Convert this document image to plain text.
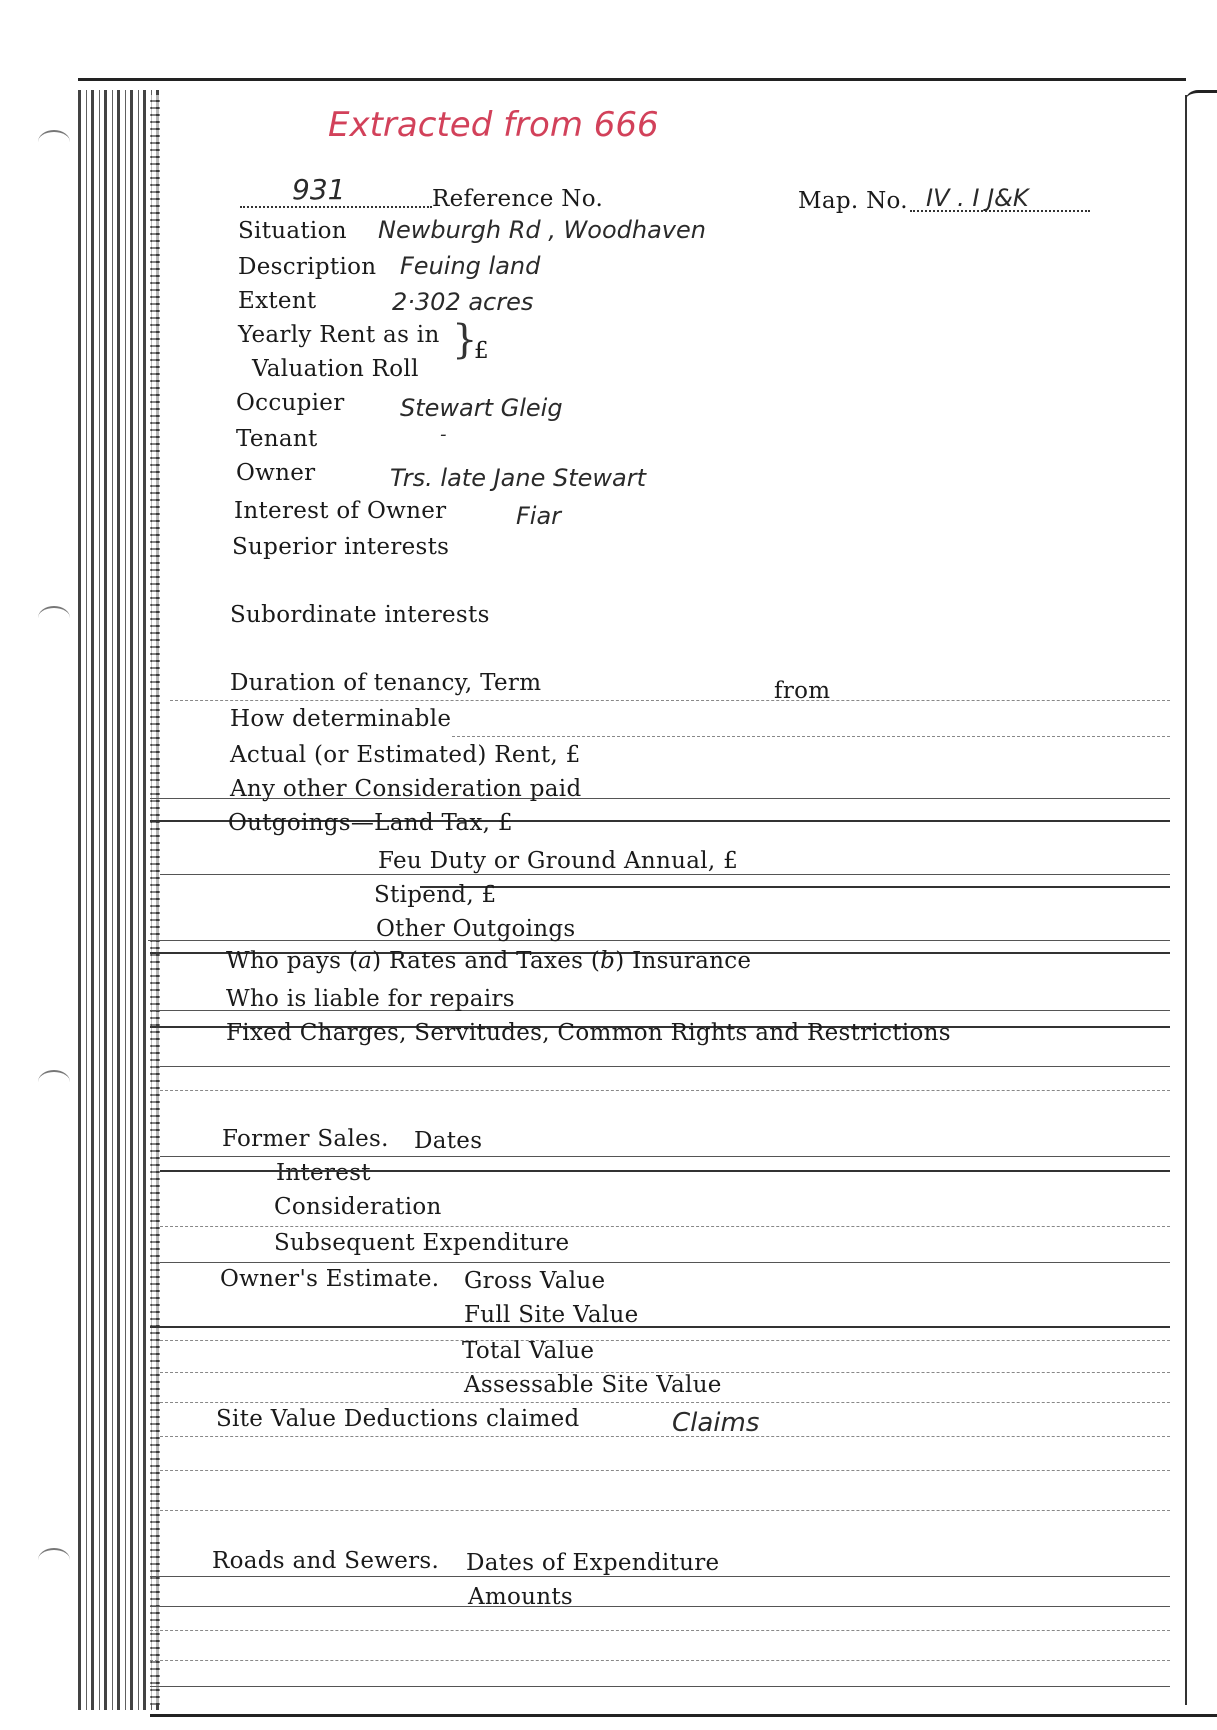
Extracted from 666
931	Reference No.	Map. No. IV . I J&K
Situation Newburgh Rd , Woodhaven
Description Feuing land
Extent	2·302 acres
Yearly Rent as in
Valuation Roll
}
£
Occupier Stewart Gleig
Tenant	-
Owner	Trs. late Jane Stewart
Interest of Owner	Fiar
Superior interests
Subordinate interests
Duration of tenancy, Term	from
How determinable
Actual (or Estimated) Rent, £
Any other Consideration paid
Outgoings—Land Tax, £
Feu Duty or Ground Annual, £
Stipend, £
Other Outgoings
Who pays (a) Rates and Taxes (b) Insurance
Who is liable for repairs
Fixed Charges, Servitudes, Common Rights and Restrictions
Former Sales. Dates
Interest
Consideration
Subsequent Expenditure
Owner's Estimate. Gross Value
Full Site Value
Total Value
Assessable Site Value
Site Value Deductions claimed	Claims
Roads and Sewers. Dates of Expenditure
Amounts
